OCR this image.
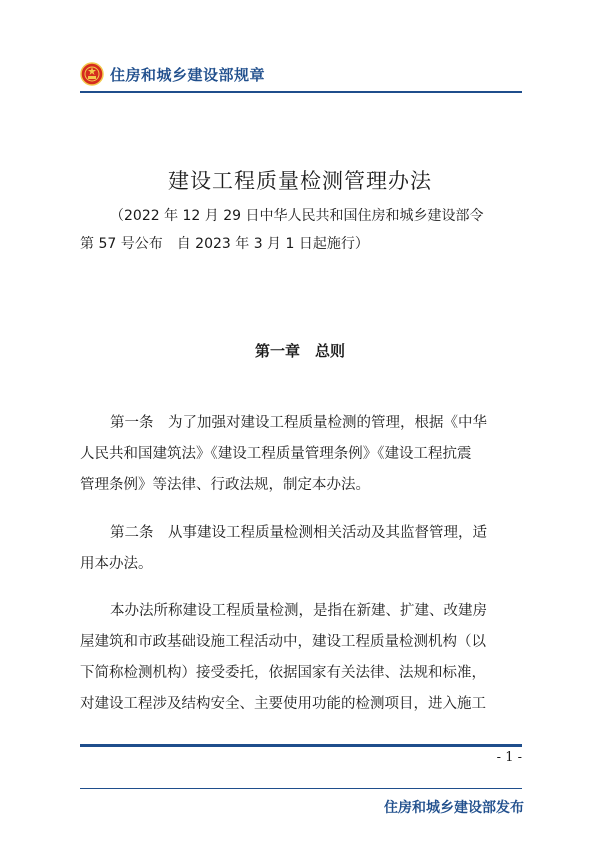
住房和城乡建设部规章
建设工程质量检测管理办法
（2022 年 12 月 29 日中华人民共和国住房和城乡建设部令
第 57 号公布　自 2023 年 3 月 1 日起施行）
第一章　总则
第一条　为了加强对建设工程质量检测的管理，根据《中华
人民共和国建筑法》《建设工程质量管理条例》《建设工程抗震
管理条例》等法律、行政法规，制定本办法。
第二条　从事建设工程质量检测相关活动及其监督管理，适
用本办法。
本办法所称建设工程质量检测，是指在新建、扩建、改建房
屋建筑和市政基础设施工程活动中，建设工程质量检测机构（以
下简称检测机构）接受委托，依据国家有关法律、法规和标准，
对建设工程涉及结构安全、主要使用功能的检测项目，进入施工
- 1 -
住房和城乡建设部发布
